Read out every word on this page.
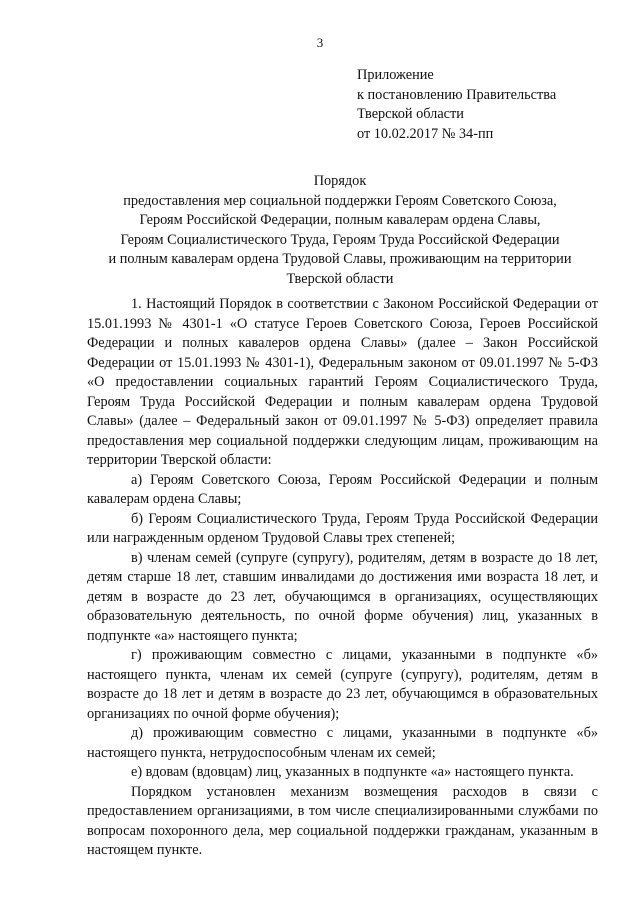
3
Приложение
к постановлению Правительства
Тверской области
от 10.02.2017 № 34-пп
Порядок
предоставления мер социальной поддержки Героям Советского Союза,
Героям Российской Федерации, полным кавалерам ордена Славы,
Героям Социалистического Труда, Героям Труда Российской Федерации
и полным кавалерам ордена Трудовой Славы, проживающим на территории
Тверской области

1. Настоящий Порядок в соответствии с Законом Российской Федерации от 15.01.1993 № 4301-1 «О статусе Героев Советского Союза, Героев Российской Федерации и полных кавалеров ордена Славы» (далее – Закон Российской Федерации от 15.01.1993 № 4301-1), Федеральным законом от 09.01.1997 № 5-ФЗ «О предоставлении социальных гарантий Героям Социалистического Труда, Героям Труда Российской Федерации и полным кавалерам ордена Трудовой Славы» (далее – Федеральный закон от 09.01.1997 № 5-ФЗ) определяет правила предоставления мер социальной поддержки следующим лицам, проживающим на территории Тверской области:

а) Героям Советского Союза, Героям Российской Федерации и полным кавалерам ордена Славы;

б) Героям Социалистического Труда, Героям Труда Российской Федерации или награжденным орденом Трудовой Славы трех степеней;

в) членам семей (супруге (супругу), родителям, детям в возрасте до 18 лет, детям старше 18 лет, ставшим инвалидами до достижения ими возраста 18 лет, и детям в возрасте до 23 лет, обучающимся в организациях, осуществляющих образовательную деятельность, по очной форме обучения) лиц, указанных в подпункте «а» настоящего пункта;

г) проживающим совместно с лицами, указанными в подпункте «б» настоящего пункта, членам их семей (супруге (супругу), родителям, детям в возрасте до 18 лет и детям в возрасте до 23 лет, обучающимся в образовательных организациях по очной форме обучения);

д) проживающим совместно с лицами, указанными в подпункте «б» настоящего пункта, нетрудоспособным членам их семей;

е) вдовам (вдовцам) лиц, указанных в подпункте «а» настоящего пункта.

Порядком установлен механизм возмещения расходов в связи с предоставлением организациями, в том числе специализированными службами по вопросам похоронного дела, мер социальной поддержки гражданам, указанным в настоящем пункте.
